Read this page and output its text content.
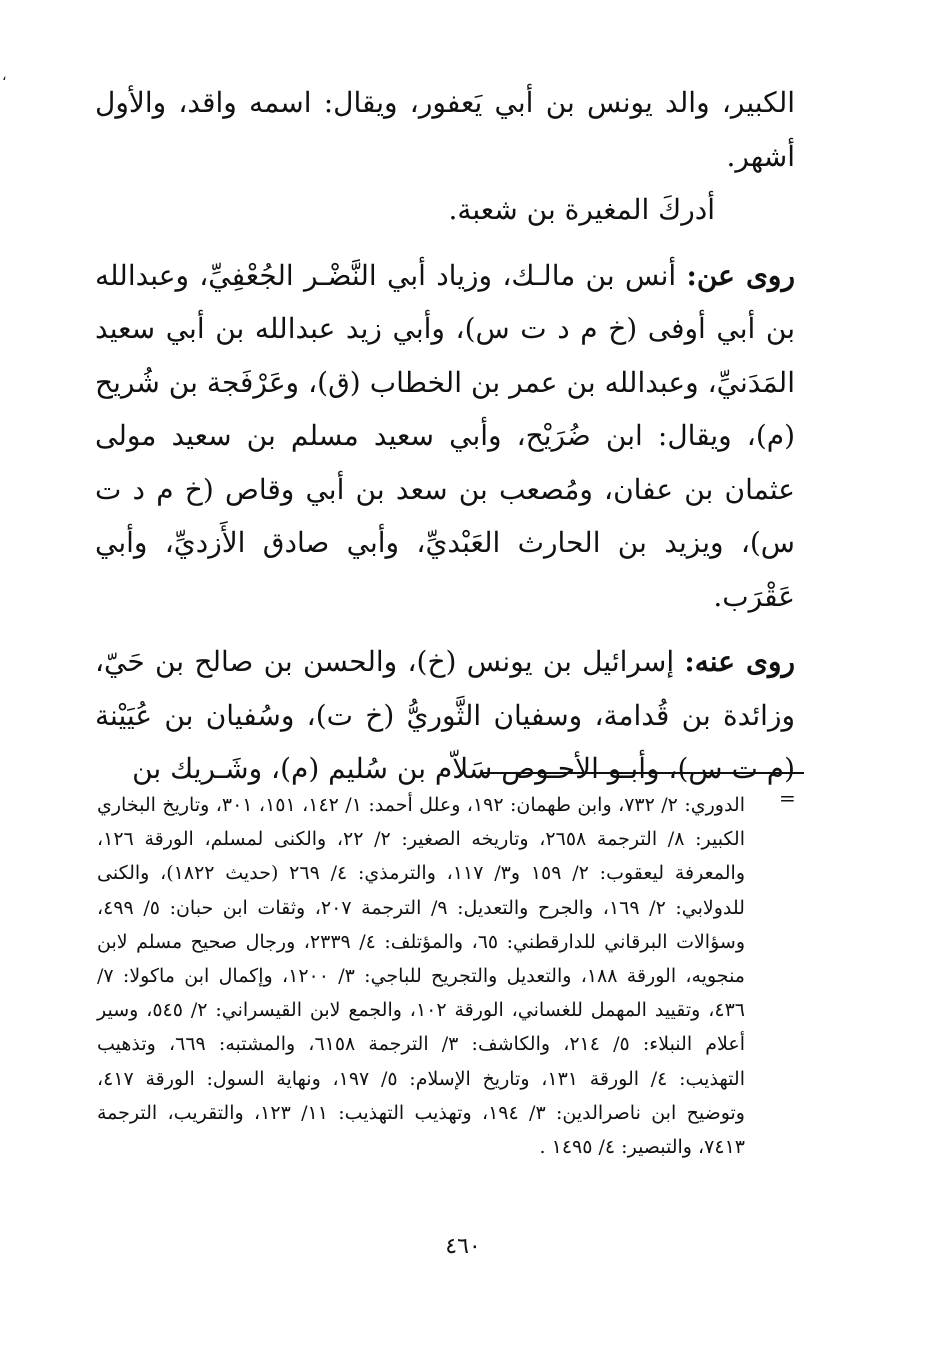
،

الكبير، والد يونس بن أبي يَعفور، ويقال: اسمه واقد، والأول أشهر.

أدركَ المغيرة بن شعبة.

روى عن: أنس بن مالـك، وزياد أبي النَّضْـر الجُعْفِيِّ، وعبدالله بن أبي أوفى (خ م د ت س)، وأبي زيد عبدالله بن أبي سعيد المَدَنيِّ، وعبدالله بن عمر بن الخطاب (ق)، وعَرْفَجة بن شُريح (م)، ويقال: ابن ضُرَيْح، وأبي سعيد مسلم بن سعيد مولى عثمان بن عفان، ومُصعب بن سعد بن أبي وقاص (خ م د ت س)، ويزيد بن الحارث العَبْديِّ، وأبي صادق الأَزديِّ، وأبي عَقْرَب.

روى عنه: إسرائيل بن يونس (خ)، والحسن بن صالح بن حَيّ، وزائدة بن قُدامة، وسفيان الثَّوريُّ (خ ت)، وسُفيان بن عُيَيْنة (م ت س)، وأبـو الأحـوص سَلاّم بن سُليم (م)، وشَـريك بن

=
الدوري: ٢/ ٧٣٢، وابن طهمان: ١٩٢، وعلل أحمد: ١/ ١٤٢، ١٥١، ٣٠١، وتاريخ البخاري الكبير: ٨/ الترجمة ٢٦٥٨، وتاريخه الصغير: ٢/ ٢٢، والكنى لمسلم، الورقة ١٢٦، والمعرفة ليعقوب: ٢/ ١٥٩ و٣/ ١١٧، والترمذي: ٤/ ٢٦٩ (حديث ١٨٢٢)، والكنى للدولابي: ٢/ ١٦٩، والجرح والتعديل: ٩/ الترجمة ٢٠٧، وثقات ابن حبان: ٥/ ٤٩٩، وسؤالات البرقاني للدارقطني: ٦٥، والمؤتلف: ٤/ ٢٣٣٩، ورجال صحيح مسلم لابن منجويه، الورقة ١٨٨، والتعديل والتجريح للباجي: ٣/ ١٢٠٠، وإكمال ابن ماكولا: ٧/ ٤٣٦، وتقييد المهمل للغساني، الورقة ١٠٢، والجمع لابن القيسراني: ٢/ ٥٤٥، وسير أعلام النبلاء: ٥/ ٢١٤، والكاشف: ٣/ الترجمة ٦١٥٨، والمشتبه: ٦٦٩، وتذهيب التهذيب: ٤/ الورقة ١٣١، وتاريخ الإسلام: ٥/ ١٩٧، ونهاية السول: الورقة ٤١٧، وتوضيح ابن ناصرالدين: ٣/ ١٩٤، وتهذيب التهذيب: ١١/ ١٢٣، والتقريب، الترجمة ٧٤١٣، والتبصير: ٤/ ١٤٩٥ .
٤٦٠
